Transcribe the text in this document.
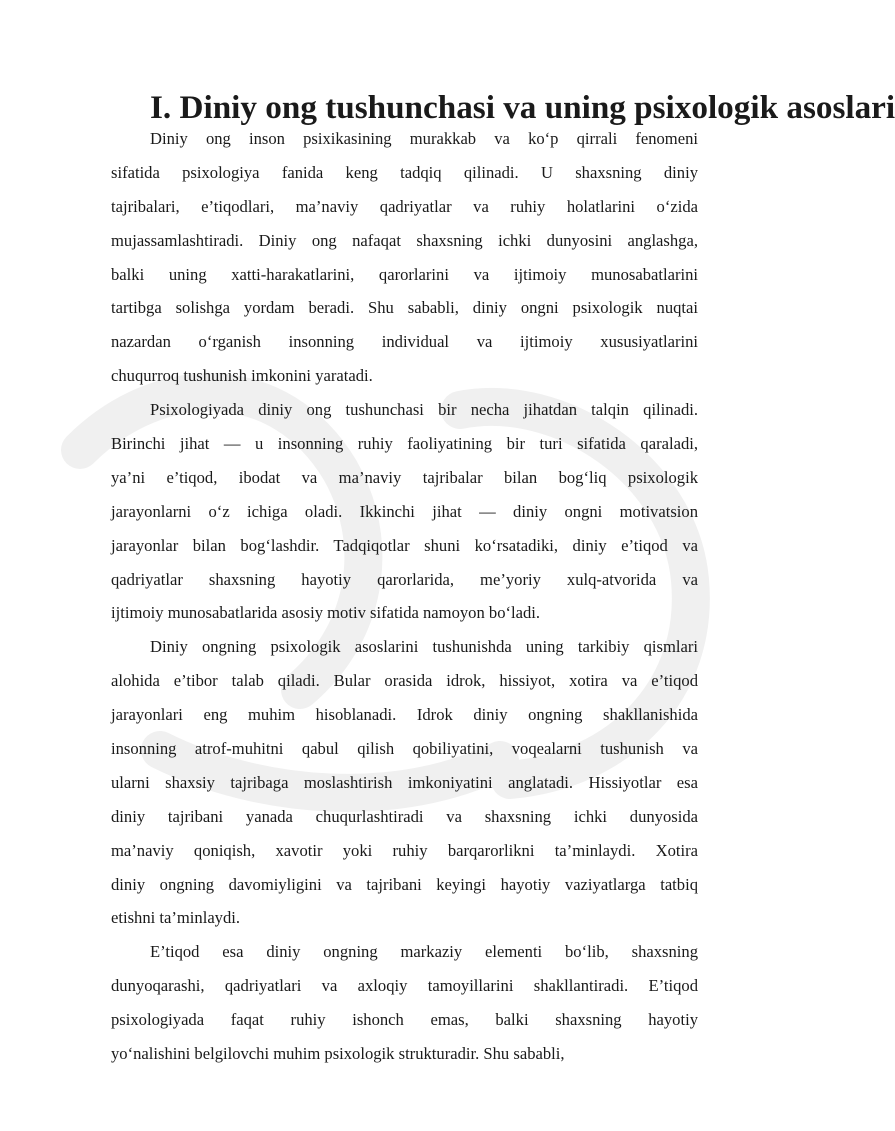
I. Diniy ong tushunchasi va uning psixologik asoslari
Diniy ong inson psixikasining murakkab va ko‘p qirrali fenomeni
sifatida psixologiya fanida keng tadqiq qilinadi. U shaxsning diniy
tajribalari, e’tiqodlari, ma’naviy qadriyatlar va ruhiy holatlarini o‘zida
mujassamlashtiradi. Diniy ong nafaqat shaxsning ichki dunyosini anglashga,
balki uning xatti-harakatlarini, qarorlarini va ijtimoiy munosabatlarini
tartibga solishga yordam beradi. Shu sababli, diniy ongni psixologik nuqtai
nazardan o‘rganish insonning individual va ijtimoiy xususiyatlarini
chuqurroq tushunish imkonini yaratadi.
Psixologiyada diniy ong tushunchasi bir necha jihatdan talqin qilinadi.
Birinchi jihat — u insonning ruhiy faoliyatining bir turi sifatida qaraladi,
ya’ni e’tiqod, ibodat va ma’naviy tajribalar bilan bog‘liq psixologik
jarayonlarni o‘z ichiga oladi. Ikkinchi jihat — diniy ongni motivatsion
jarayonlar bilan bog‘lashdir. Tadqiqotlar shuni ko‘rsatadiki, diniy e’tiqod va
qadriyatlar shaxsning hayotiy qarorlarida, me’yoriy xulq-atvorida va
ijtimoiy munosabatlarida asosiy motiv sifatida namoyon bo‘ladi.
Diniy ongning psixologik asoslarini tushunishda uning tarkibiy qismlari
alohida e’tibor talab qiladi. Bular orasida idrok, hissiyot, xotira va e’tiqod
jarayonlari eng muhim hisoblanadi. Idrok diniy ongning shakllanishida
insonning atrof-muhitni qabul qilish qobiliyatini, voqealarni tushunish va
ularni shaxsiy tajribaga moslashtirish imkoniyatini anglatadi. Hissiyotlar esa
diniy tajribani yanada chuqurlashtiradi va shaxsning ichki dunyosida
ma’naviy qoniqish, xavotir yoki ruhiy barqarorlikni ta’minlaydi. Xotira
diniy ongning davomiyligini va tajribani keyingi hayotiy vaziyatlarga tatbiq
etishni ta’minlaydi.
E’tiqod esa diniy ongning markaziy elementi bo‘lib, shaxsning
dunyoqarashi, qadriyatlari va axloqiy tamoyillarini shakllantiradi. E’tiqod
psixologiyada faqat ruhiy ishonch emas, balki shaxsning hayotiy
yo‘nalishini belgilovchi muhim psixologik strukturadir. Shu sababli,
